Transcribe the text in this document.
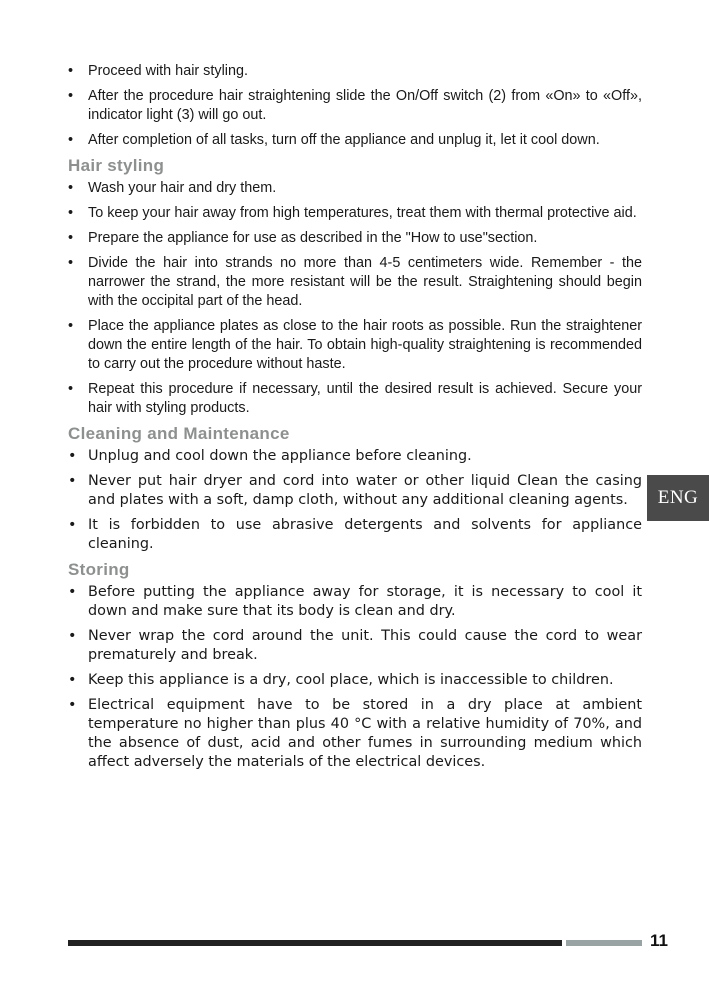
• Proceed with hair styling.
• After the procedure hair straightening slide the On/Off switch (2) from «On» to «Off», indicator light (3) will go out.
• After completion of all tasks, turn off the appliance and unplug it, let it cool down.
Hair styling
• Wash your hair and dry them.
• To keep your hair away from high temperatures, treat them with thermal protective aid.
• Prepare the appliance for use as described in the "How to use"section.
• Divide the hair into strands no more than 4-5 centimeters wide. Remember - the narrower the strand, the more resistant will be the result. Straightening should begin with the occipital part of the head.
• Place the appliance plates as close to the hair roots as possible. Run the straightener down the entire length of the hair. To obtain high-quality straightening is recommended to carry out the procedure without haste.
• Repeat this procedure if necessary, until the desired result is achieved. Secure your hair with styling products.
Cleaning and Maintenance
• Unplug and cool down the appliance before cleaning.
• Never put hair dryer and cord into water or other liquid Clean the casing and plates with a soft, damp cloth, without any additional cleaning agents.
• It is forbidden to use abrasive detergents and solvents for appliance cleaning.
Storing
• Before putting the appliance away for storage, it is necessary to cool it down and make sure that its body is clean and dry.
• Never wrap the cord around the unit. This could cause the cord to wear prematurely and break.
• Keep this appliance is a dry, cool place, which is inaccessible to children.
• Electrical equipment have to be stored in a dry place at ambient temperature no higher than plus 40 °C with a relative humidity of 70%, and the absence of dust, acid and other fumes in surrounding medium which affect adversely the materials of the electrical devices.
ENG
11
